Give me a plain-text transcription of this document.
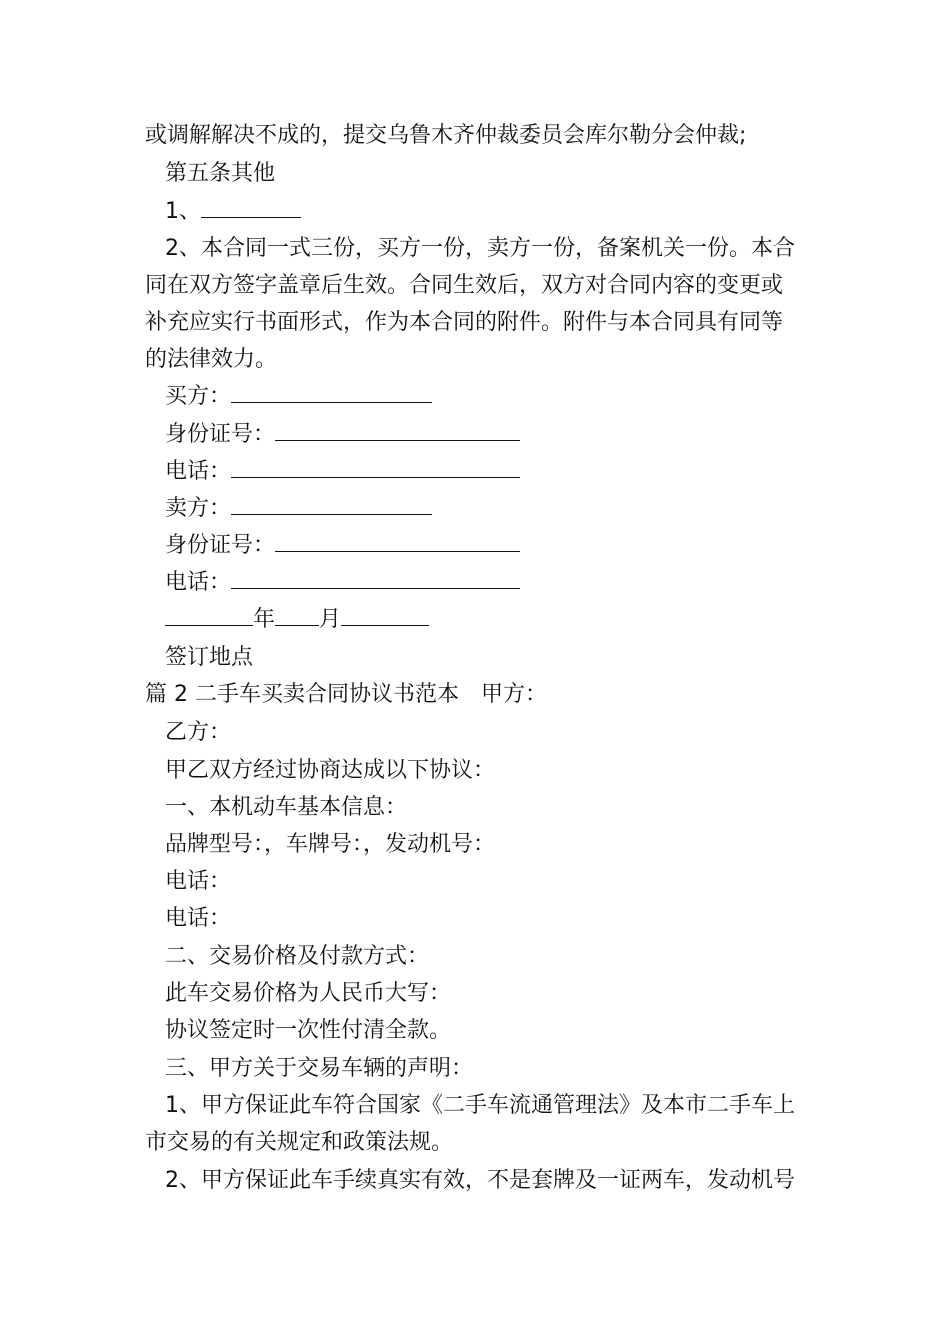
或调解解决不成的，提交乌鲁木齐仲裁委员会库尔勒分会仲裁;
第五条其他
1、
2、本合同一式三份，买方一份，卖方一份，备案机关一份。本合
同在双方签字盖章后生效。合同生效后，双方对合同内容的变更或
补充应实行书面形式，作为本合同的附件。附件与本合同具有同等
的法律效力。
买方：
身份证号：
电话：
卖方：
身份证号：
电话：
年 月
签订地点
篇 2 二手车买卖合同协议书范本　甲方：
乙方：
甲乙双方经过协商达成以下协议：
一、本机动车基本信息：
品牌型号：，车牌号：，发动机号：
电话：
电话：
二、交易价格及付款方式：
此车交易价格为人民币大写：
协议签定时一次性付清全款。
三、甲方关于交易车辆的声明：
1、甲方保证此车符合国家《二手车流通管理法》及本市二手车上
市交易的有关规定和政策法规。
2、甲方保证此车手续真实有效，不是套牌及一证两车，发动机号
